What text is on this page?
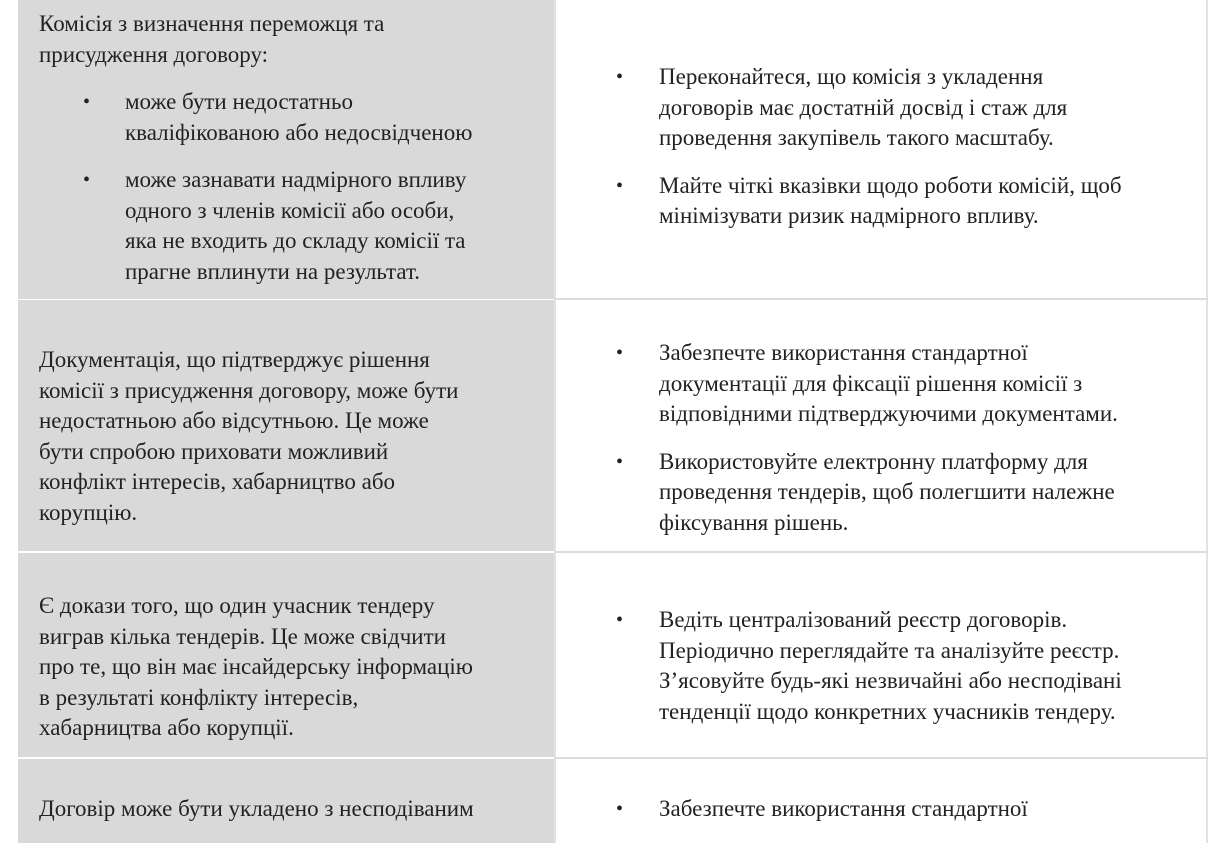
Комісія з визначення переможця та

присудження договору:

• може бути недостатньо

кваліфікованою або недосвідченою

• може зазнавати надмірного впливу

одного з членів комісії або особи,

яка не входить до складу комісії та

прагне вплинути на результат.

• Переконайтеся, що комісія з укладення

договорів має достатній досвід і стаж для

проведення закупівель такого масштабу.

• Майте чіткі вказівки щодо роботи комісій, щоб

мінімізувати ризик надмірного впливу.

Документація, що підтверджує рішення

комісії з присудження договору, може бути

недостатньою або відсутньою. Це може

бути спробою приховати можливий

конфлікт інтересів, хабарництво або

корупцію.

• Забезпечте використання стандартної

документації для фіксації рішення комісії з

відповідними підтверджуючими документами.

• Використовуйте електронну платформу для

проведення тендерів, щоб полегшити належне

фіксування рішень.

Є докази того, що один учасник тендеру

виграв кілька тендерів. Це може свідчити

про те, що він має інсайдерську інформацію

в результаті конфлікту інтересів,

хабарництва або корупції.

• Ведіть централізований реєстр договорів.

Періодично переглядайте та аналізуйте реєстр.

З’ясовуйте будь-які незвичайні або несподівані

тенденції щодо конкретних учасників тендеру.

Договір може бути укладено з несподіваним	• Забезпечте використання стандартної
